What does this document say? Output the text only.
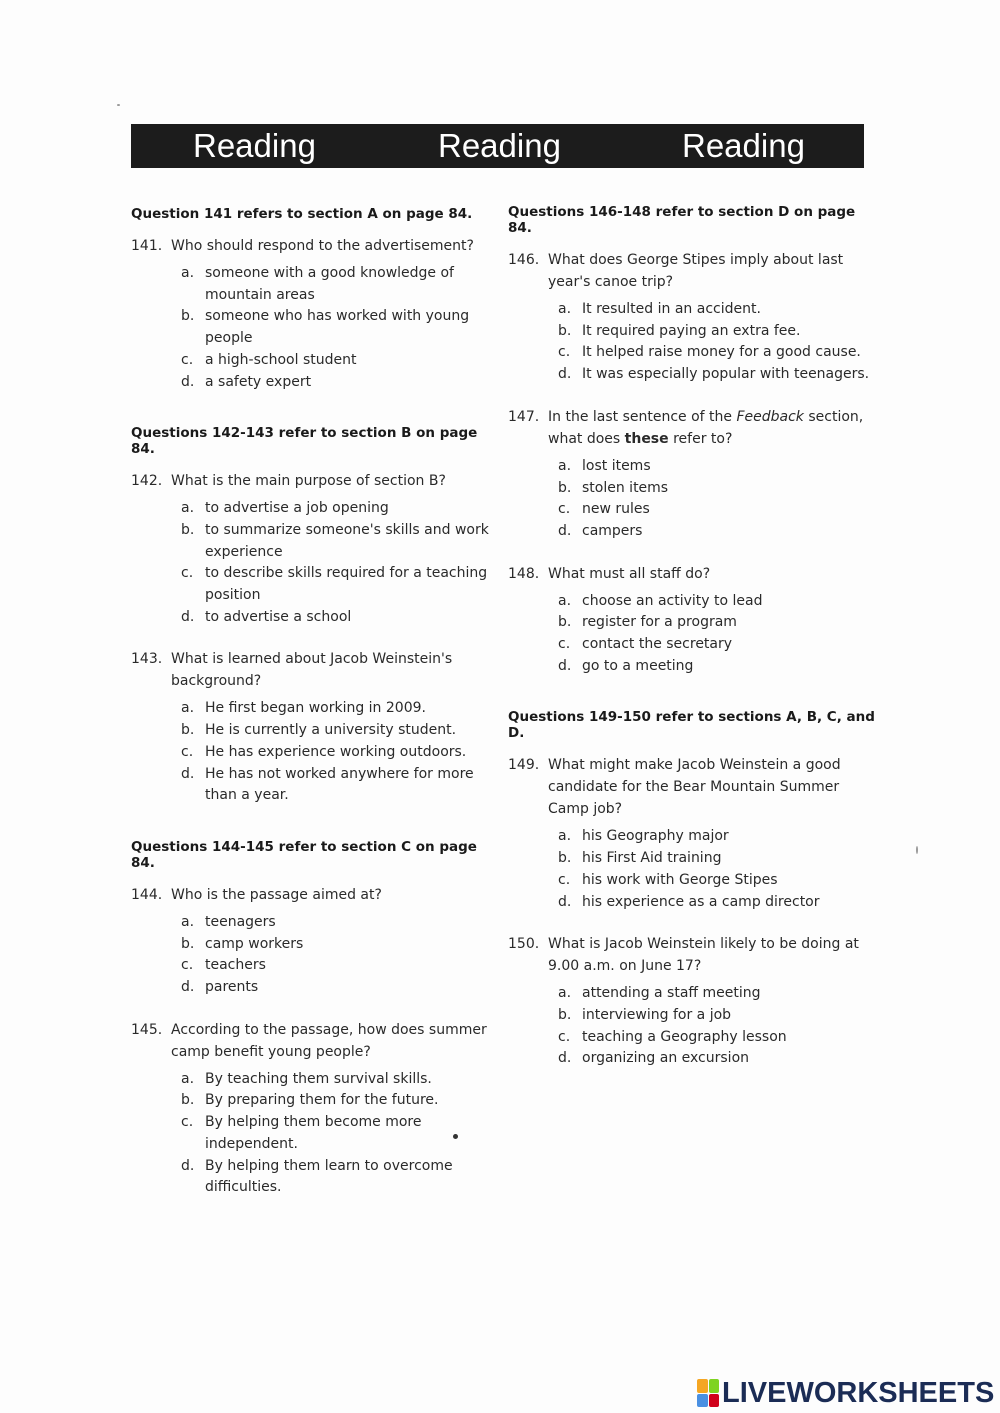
Reading	Reading	Reading
Question 141 refers to section A on page 84.
141. Who should respond to the advertisement?
a. someone with a good knowledge of mountain areas
b. someone who has worked with young people
c. a high-school student
d. a safety expert
Questions 142-143 refer to section B on page 84.
142. What is the main purpose of section B?
a. to advertise a job opening
b. to summarize someone's skills and work experience
c. to describe skills required for a teaching position
d. to advertise a school
143. What is learned about Jacob Weinstein's background?
a. He first began working in 2009.
b. He is currently a university student.
c. He has experience working outdoors.
d. He has not worked anywhere for more than a year.
Questions 144-145 refer to section C on page 84.
144. Who is the passage aimed at?
a. teenagers
b. camp workers
c. teachers
d. parents
145. According to the passage, how does summer camp benefit young people?
a. By teaching them survival skills.
b. By preparing them for the future.
c. By helping them become more independent.
d. By helping them learn to overcome difficulties.
Questions 146-148 refer to section D on page 84.
146. What does George Stipes imply about last year's canoe trip?
a. It resulted in an accident.
b. It required paying an extra fee.
c. It helped raise money for a good cause.
d. It was especially popular with teenagers.
147. In the last sentence of the Feedback section, what does these refer to?
a. lost items
b. stolen items
c. new rules
d. campers
148. What must all staff do?
a. choose an activity to lead
b. register for a program
c. contact the secretary
d. go to a meeting
Questions 149-150 refer to sections A, B, C, and D.
149. What might make Jacob Weinstein a good candidate for the Bear Mountain Summer Camp job?
a. his Geography major
b. his First Aid training
c. his work with George Stipes
d. his experience as a camp director
150. What is Jacob Weinstein likely to be doing at 9.00 a.m. on June 17?
a. attending a staff meeting
b. interviewing for a job
c. teaching a Geography lesson
d. organizing an excursion
LIVEWORKSHEETS
